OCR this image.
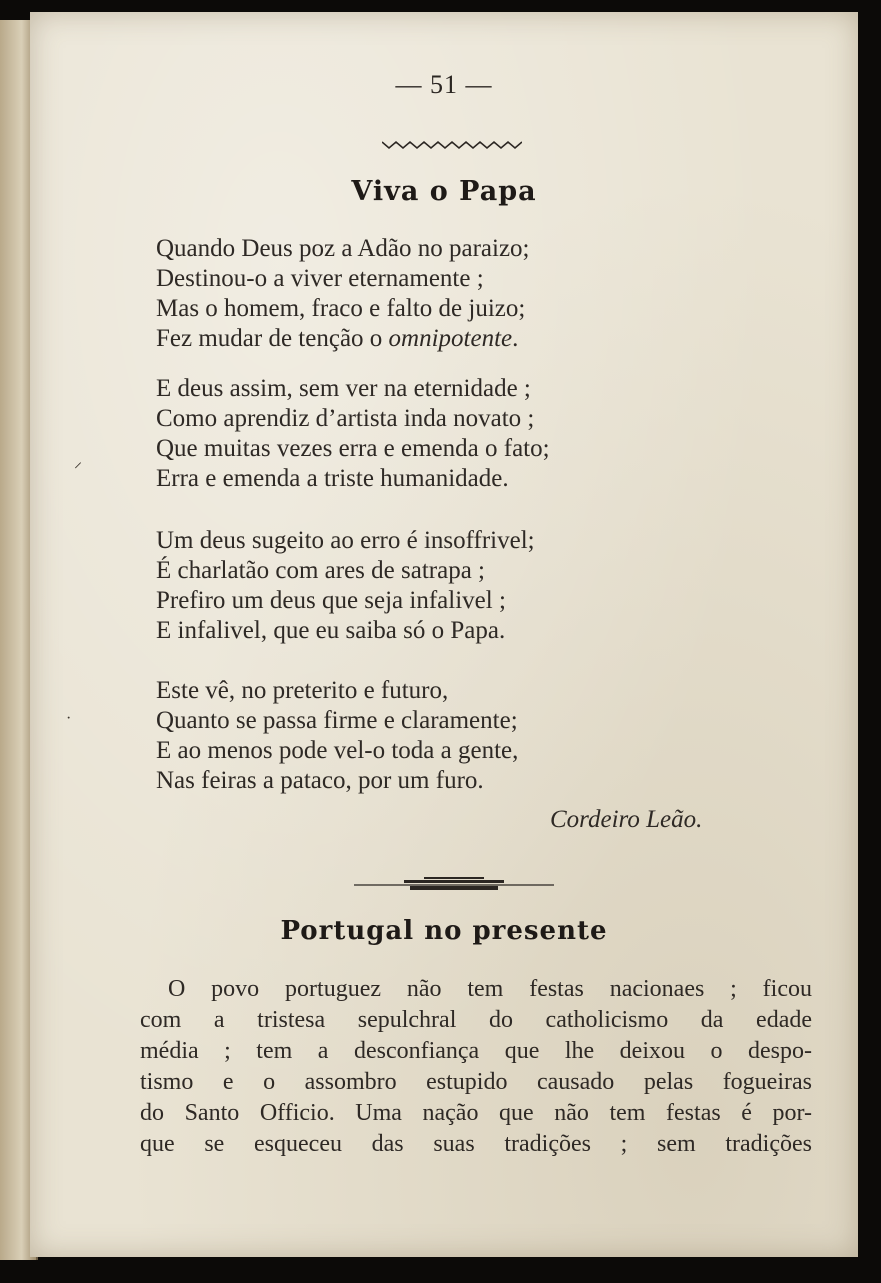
— 51 —
Viva o Papa
Quando Deus poz a Adão no paraizo;
Destinou-o a viver eternamente ;
Mas o homem, fraco e falto de juizo;
Fez mudar de tenção o omnipotente.
E deus assim, sem ver na eternidade ;
Como aprendiz d’artista inda novato ;
Que muitas vezes erra e emenda o fato;
Erra e emenda a triste humanidade.
Um deus sugeito ao erro é insoffrivel;
É charlatão com ares de satrapa ;
Prefiro um deus que seja infalivel ;
E infalivel, que eu saiba só o Papa.
Este vê, no preterito e futuro,
Quanto se passa firme e claramente;
E ao menos pode vel-o toda a gente,
Nas feiras a pataco, por um furo.
Cordeiro Leão.
Portugal no presente
O povo portuguez não tem festas nacionaes ; ficou
com a tristesa sepulchral do catholicismo da edade
média ; tem a desconfiança que lhe deixou o despo-
tismo e o assombro estupido causado pelas fogueiras
do Santo Officio. Uma nação que não tem festas é por-
que se esqueceu das suas tradições ; sem tradições
⸝
·
